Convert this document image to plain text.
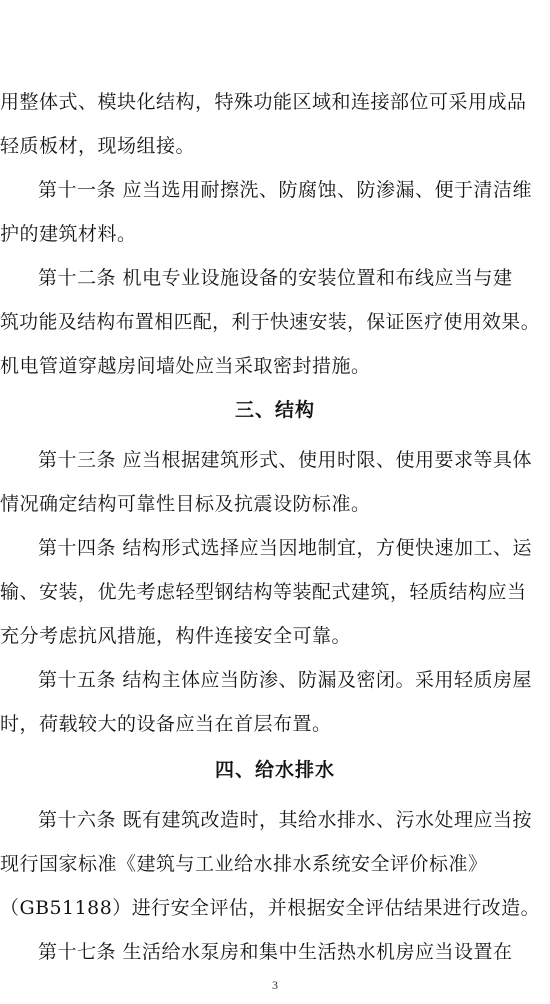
用整体式、模块化结构，特殊功能区域和连接部位可采用成品
轻质板材，现场组接。
第十一条 应当选用耐擦洗、防腐蚀、防渗漏、便于清洁维
护的建筑材料。
第十二条 机电专业设施设备的安装位置和布线应当与建
筑功能及结构布置相匹配，利于快速安装，保证医疗使用效果。
机电管道穿越房间墙处应当采取密封措施。
三、结构
第十三条 应当根据建筑形式、使用时限、使用要求等具体
情况确定结构可靠性目标及抗震设防标准。
第十四条 结构形式选择应当因地制宜，方便快速加工、运
输、安装，优先考虑轻型钢结构等装配式建筑，轻质结构应当
充分考虑抗风措施，构件连接安全可靠。
第十五条 结构主体应当防渗、防漏及密闭。采用轻质房屋
时，荷载较大的设备应当在首层布置。
四、给水排水
第十六条 既有建筑改造时，其给水排水、污水处理应当按
现行国家标准《建筑与工业给水排水系统安全评价标准》
（GB51188）进行安全评估，并根据安全评估结果进行改造。
第十七条 生活给水泵房和集中生活热水机房应当设置在
3
